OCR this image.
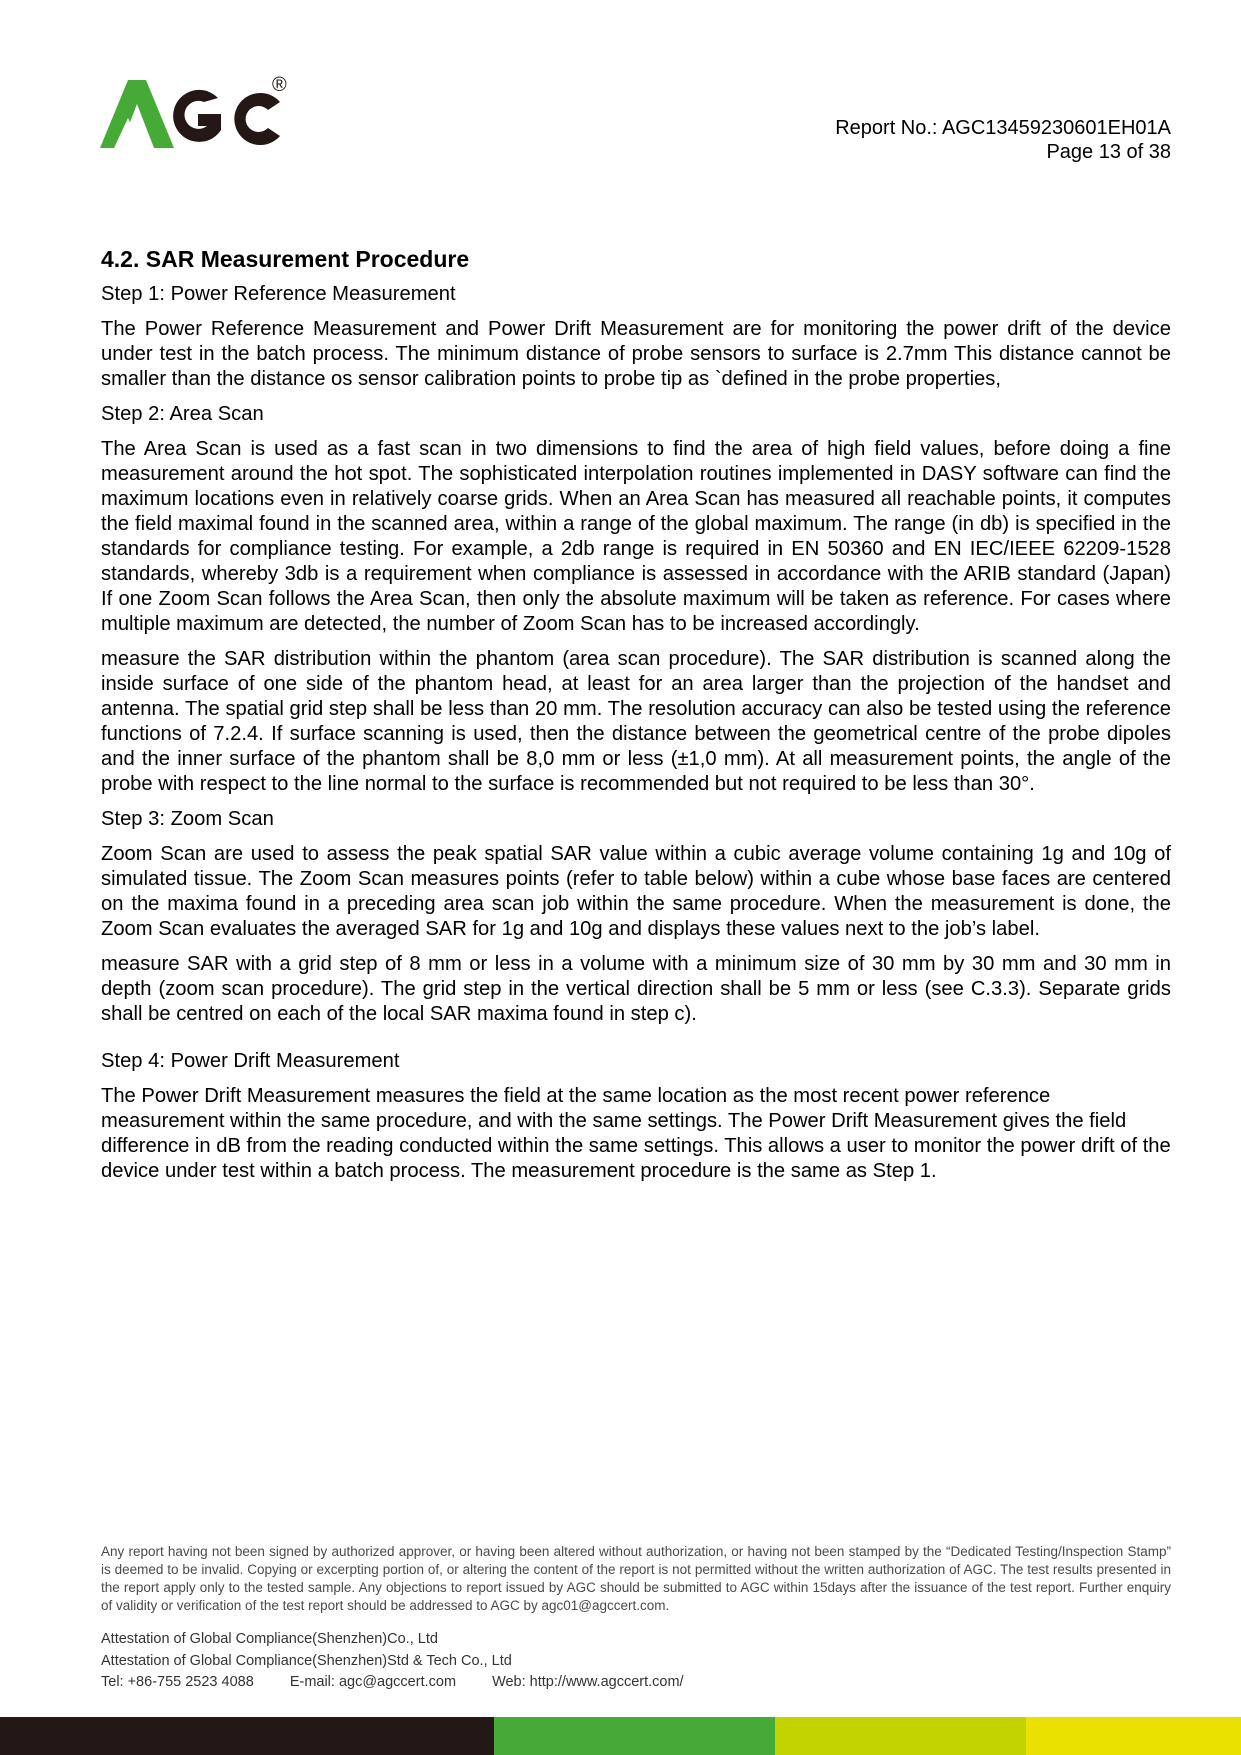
®
Report No.: AGC13459230601EH01A
Page 13 of 38
4.2. SAR Measurement Procedure
Step 1: Power Reference Measurement

The Power Reference Measurement and Power Drift Measurement are for monitoring the power drift of the device under test in the batch process. The minimum distance of probe sensors to surface is 2.7mm This distance cannot be smaller than the distance os sensor calibration points to probe tip as `defined in the probe properties,

Step 2: Area Scan

The Area Scan is used as a fast scan in two dimensions to find the area of high field values, before doing a fine measurement around the hot spot. The sophisticated interpolation routines implemented in DASY software can find the maximum locations even in relatively coarse grids. When an Area Scan has measured all reachable points, it computes the field maximal found in the scanned area, within a range of the global maximum. The range (in db) is specified in the standards for compliance testing. For example, a 2db range is required in EN 50360 and EN IEC/IEEE 62209-1528 standards, whereby 3db is a requirement when compliance is assessed in accordance with the ARIB standard (Japan) If one Zoom Scan follows the Area Scan, then only the absolute maximum will be taken as reference. For cases where multiple maximum are detected, the number of Zoom Scan has to be increased accordingly.

measure the SAR distribution within the phantom (area scan procedure). The SAR distribution is scanned along the inside surface of one side of the phantom head, at least for an area larger than the projection of the handset and antenna. The spatial grid step shall be less than 20 mm. The resolution accuracy can also be tested using the reference functions of 7.2.4. If surface scanning is used, then the distance between the geometrical centre of the probe dipoles and the inner surface of the phantom shall be 8,0 mm or less (±1,0 mm). At all measurement points, the angle of the probe with respect to the line normal to the surface is recommended but not required to be less than 30°.

Step 3: Zoom Scan

Zoom Scan are used to assess the peak spatial SAR value within a cubic average volume containing 1g and 10g of simulated tissue. The Zoom Scan measures points (refer to table below) within a cube whose base faces are centered on the maxima found in a preceding area scan job within the same procedure. When the measurement is done, the Zoom Scan evaluates the averaged SAR for 1g and 10g and displays these values next to the job’s label.

measure SAR with a grid step of 8 mm or less in a volume with a minimum size of 30 mm by 30 mm and 30 mm in depth (zoom scan procedure). The grid step in the vertical direction shall be 5 mm or less (see C.3.3). Separate grids shall be centred on each of the local SAR maxima found in step c).

Step 4: Power Drift Measurement

The Power Drift Measurement measures the field at the same location as the most recent power reference measurement within the same procedure, and with the same settings. The Power Drift Measurement gives the field difference in dB from the reading conducted within the same settings. This allows a user to monitor the power drift of the device under test within a batch process. The measurement procedure is the same as Step 1.

Any report having not been signed by authorized approver, or having been altered without authorization, or having not been stamped by the “Dedicated Testing/Inspection Stamp” is deemed to be invalid. Copying or excerpting portion of, or altering the content of the report is not permitted without the written authorization of AGC. The test results presented in the report apply only to the tested sample. Any objections to report issued by AGC should be submitted to AGC within 15days after the issuance of the test report. Further enquiry of validity or verification of the test report should be addressed to AGC by agc01@agccert.com.
Attestation of Global Compliance(Shenzhen)Co., Ltd
Attestation of Global Compliance(Shenzhen)Std & Tech Co., Ltd
Tel: +86-755 2523 4088 E-mail: agc@agccert.com Web: http://www.agccert.com/
